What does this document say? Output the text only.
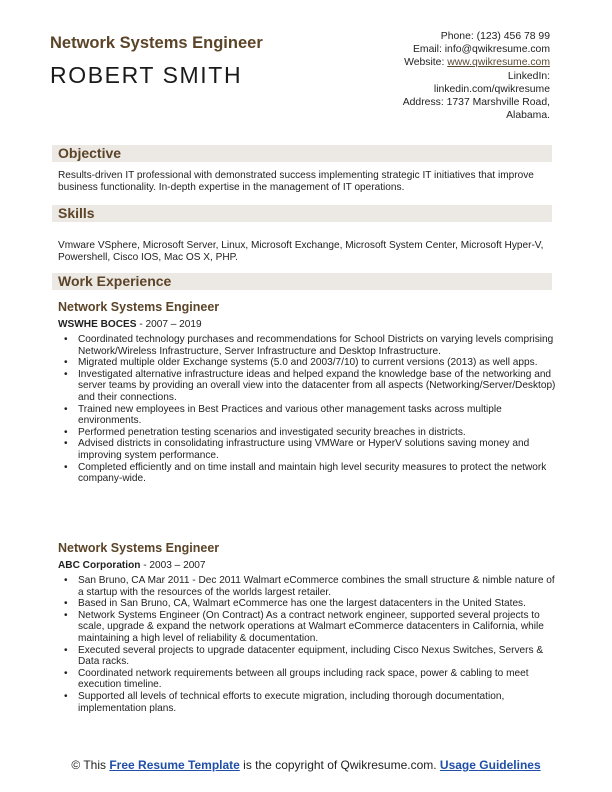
Network Systems Engineer
ROBERT SMITH
Phone: (123) 456 78 99
Email: info@qwikresume.com
Website: www.qwikresume.com
LinkedIn:
linkedin.com/qwikresume
Address: 1737 Marshville Road,
Alabama.
Objective
Results-driven IT professional with demonstrated success implementing strategic IT initiatives that improve business functionality. In-depth expertise in the management of IT operations.
Skills
Vmware VSphere, Microsoft Server, Linux, Microsoft Exchange, Microsoft System Center, Microsoft Hyper-V, Powershell, Cisco IOS, Mac OS X, PHP.
Work Experience
Network Systems Engineer
WSWHE BOCES - 2007 – 2019
• Coordinated technology purchases and recommendations for School Districts on varying levels comprising Network/Wireless Infrastructure, Server Infrastructure and Desktop Infrastructure.
• Migrated multiple older Exchange systems (5.0 and 2003/7/10) to current versions (2013) as well apps.
• Investigated alternative infrastructure ideas and helped expand the knowledge base of the networking and server teams by providing an overall view into the datacenter from all aspects (Networking/Server/Desktop) and their connections.
• Trained new employees in Best Practices and various other management tasks across multiple environments.
• Performed penetration testing scenarios and investigated security breaches in districts.
• Advised districts in consolidating infrastructure using VMWare or HyperV solutions saving money and improving system performance.
• Completed efficiently and on time install and maintain high level security measures to protect the network company-wide.
Network Systems Engineer
ABC Corporation - 2003 – 2007
• San Bruno, CA Mar 2011 - Dec 2011 Walmart eCommerce combines the small structure & nimble nature of a startup with the resources of the worlds largest retailer.
• Based in San Bruno, CA, Walmart eCommerce has one the largest datacenters in the United States.
• Network Systems Engineer (On Contract) As a contract network engineer, supported several projects to scale, upgrade & expand the network operations at Walmart eCommerce datacenters in California, while maintaining a high level of reliability & documentation.
• Executed several projects to upgrade datacenter equipment, including Cisco Nexus Switches, Servers & Data racks.
• Coordinated network requirements between all groups including rack space, power & cabling to meet execution timeline.
• Supported all levels of technical efforts to execute migration, including thorough documentation, implementation plans.
© This Free Resume Template is the copyright of Qwikresume.com. Usage Guidelines
